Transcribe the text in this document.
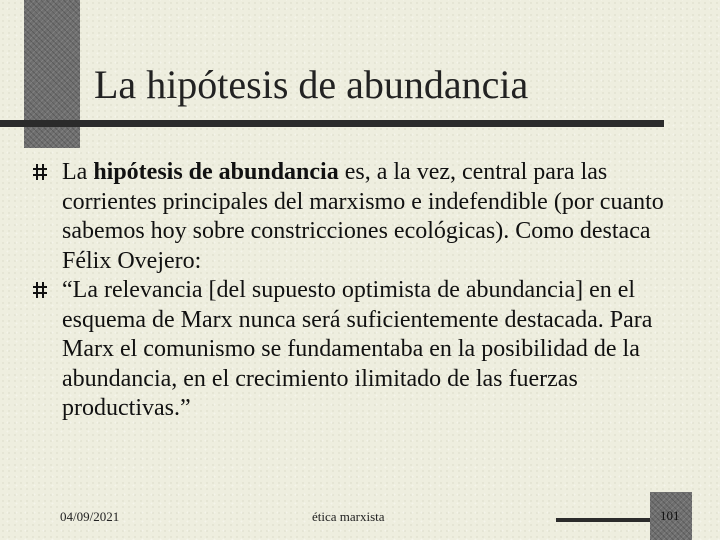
La hipótesis de abundancia
La hipótesis de abundancia es, a la vez, central para las corrientes principales del marxismo e indefendible (por cuanto sabemos hoy sobre constricciones ecológicas). Como destaca Félix Ovejero:
“La relevancia [del supuesto optimista de abundancia] en el esquema de Marx nunca será suficientemente destacada. Para Marx el comunismo se fundamentaba en la posibilidad de la abundancia, en el crecimiento ilimitado de las fuerzas productivas.”
04/09/2021	ética marxista	101
